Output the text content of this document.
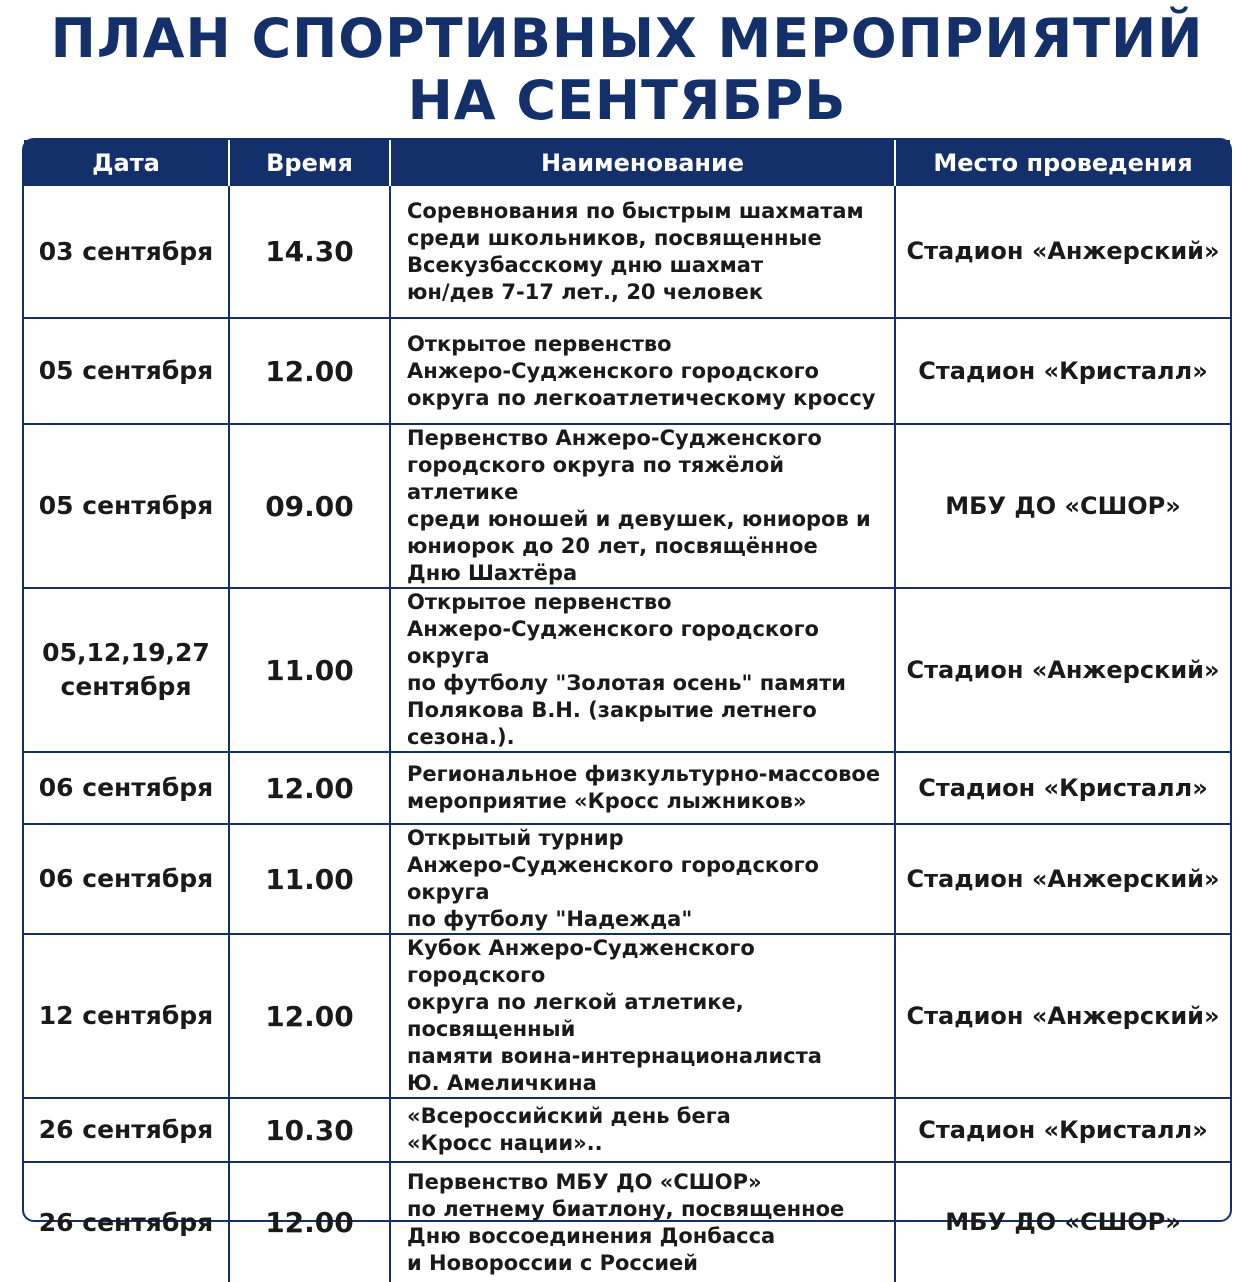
ПЛАН СПОРТИВНЫХ МЕРОПРИЯТИЙ
НА СЕНТЯБРЬ
Дата	Время	Наименование	Место проведения
03 сентября	14.30	Соревнования по быстрым шахматам
среди школьников, посвященные
Всекузбасскому дню шахмат
юн/дев 7-17 лет., 20 человек	Стадион «Анжерский»
05 сентября	12.00	Открытое первенство
Анжеро-Судженского городского
округа по легкоатлетическому кроссу	Стадион «Кристалл»
05 сентября	09.00	Первенство Анжеро-Судженского
городского округа по тяжёлой атлетике
среди юношей и девушек, юниоров и
юниорок до 20 лет, посвящённое
Дню Шахтёра	МБУ ДО «СШОР»
05,12,19,27
сентября	11.00	Открытое первенство
Анжеро-Судженского городского округа
по футболу "Золотая осень" памяти
Полякова В.Н. (закрытие летнего
сезона.).	Стадион «Анжерский»
06 сентября	12.00	Региональное физкультурно-массовое
мероприятие «Кросс лыжников»	Стадион «Кристалл»
06 сентября	11.00	Открытый турнир
Анжеро-Судженского городского округа
по футболу "Надежда"	Стадион «Анжерский»
12 сентября	12.00	Кубок Анжеро-Судженского городского
округа по легкой атлетике, посвященный
памяти воина-интернационалиста
Ю. Амеличкина	Стадион «Анжерский»
26 сентября	10.30	«Всероссийский день бега
«Кросс нации»..	Стадион «Кристалл»
26 сентября	12.00	Первенство МБУ ДО «СШОР»
по летнему биатлону, посвященное
Дню воссоединения Донбасса
и Новороссии с Россией	МБУ ДО «СШОР»
